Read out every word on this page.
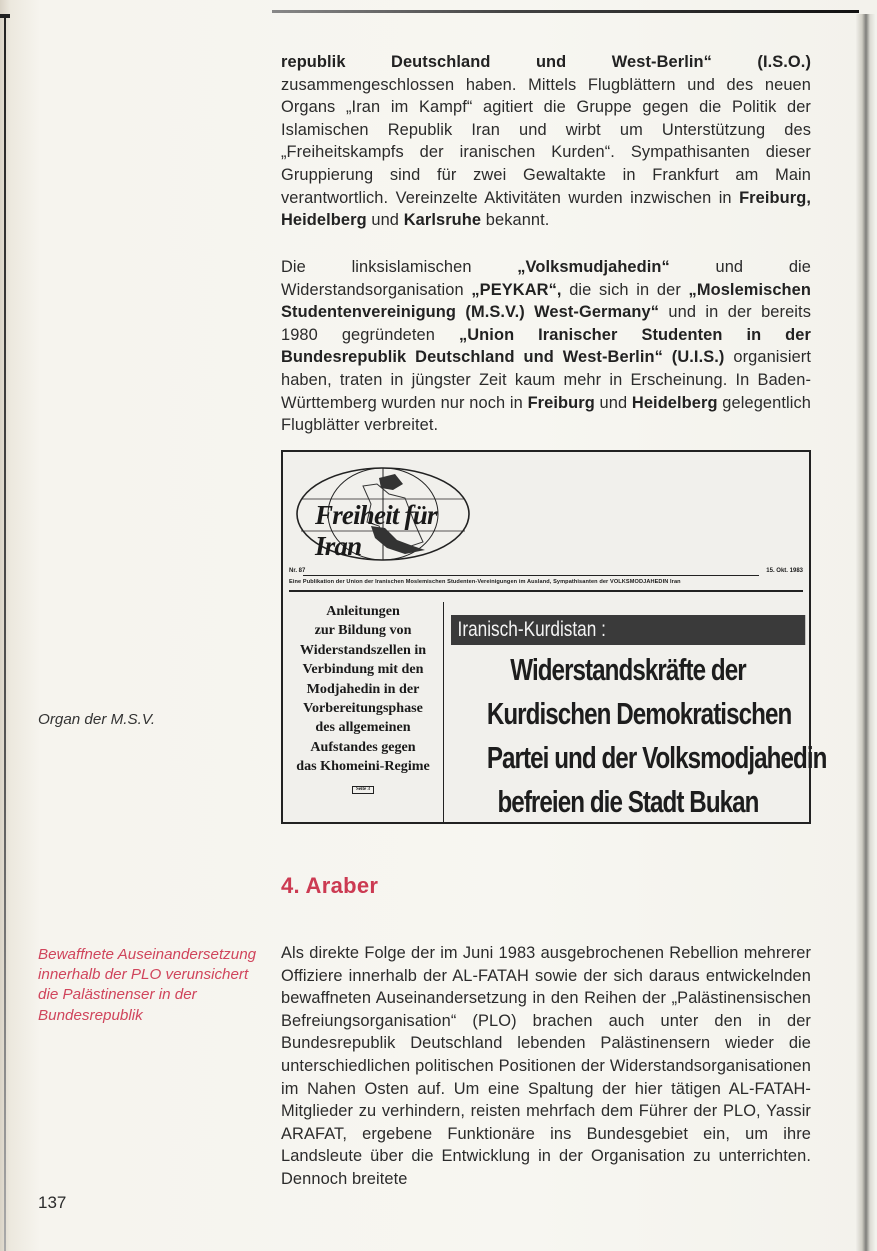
republik Deutschland und West-Berlin“ (I.S.O.) zusammengeschlossen haben. Mittels Flugblättern und des neuen Organs „Iran im Kampf“ agitiert die Gruppe gegen die Politik der Islamischen Republik Iran und wirbt um Unterstützung des „Freiheitskampfs der iranischen Kurden“. Sympathisanten dieser Gruppierung sind für zwei Gewaltakte in Frankfurt am Main verantwortlich. Vereinzelte Aktivitäten wurden inzwischen in Freiburg, Heidelberg und Karlsruhe bekannt.

Die linksislamischen „Volksmudjahedin“ und die Widerstandsorganisation „PEYKAR“, die sich in der „Moslemischen Studentenvereinigung (M.S.V.) West-Germany“ und in der bereits 1980 gegründeten „Union Iranischer Studenten in der Bundesrepublik Deutschland und West-Berlin“ (U.I.S.) organisiert haben, traten in jüngster Zeit kaum mehr in Erscheinung. In Baden-Württemberg wurden nur noch in Freiburg und Heidelberg gelegentlich Flugblätter verbreitet.

Freiheit für Iran
Nr. 87	15. Okt. 1983
Eine Publikation der Union der Iranischen Moslemischen Studenten-Vereinigungen im Ausland, Sympathisanten der VOLKSMODJAHEDIN Iran
Anleitungen
zur Bildung von
Widerstandszellen in
Verbindung mit den
Modjahedin in der
Vorbereitungsphase
des allgemeinen
Aufstandes gegen
das Khomeini-Regime
Seite 3
Iranisch-Kurdistan :
Widerstandskräfte der
Kurdischen Demokratischen
Partei und der Volksmodjahedin
befreien die Stadt Bukan
Organ der M.S.V.
4. Araber
Bewaffnete Auseinandersetzung innerhalb der PLO verunsichert die Palästinenser in der Bundesrepublik

Als direkte Folge der im Juni 1983 ausgebrochenen Rebellion mehrerer Offiziere innerhalb der AL-FATAH sowie der sich daraus entwickelnden bewaffneten Auseinandersetzung in den Reihen der „Palästinensischen Befreiungsorganisation“ (PLO) brachen auch unter den in der Bundesrepublik Deutschland lebenden Palästinensern wieder die unterschiedlichen politischen Positionen der Widerstandsorganisationen im Nahen Osten auf. Um eine Spaltung der hier tätigen AL-FATAH-Mitglieder zu verhindern, reisten mehrfach dem Führer der PLO, Yassir ARAFAT, ergebene Funktionäre ins Bundesgebiet ein, um ihre Landsleute über die Entwicklung in der Organisation zu unterrichten. Dennoch breitete

137
